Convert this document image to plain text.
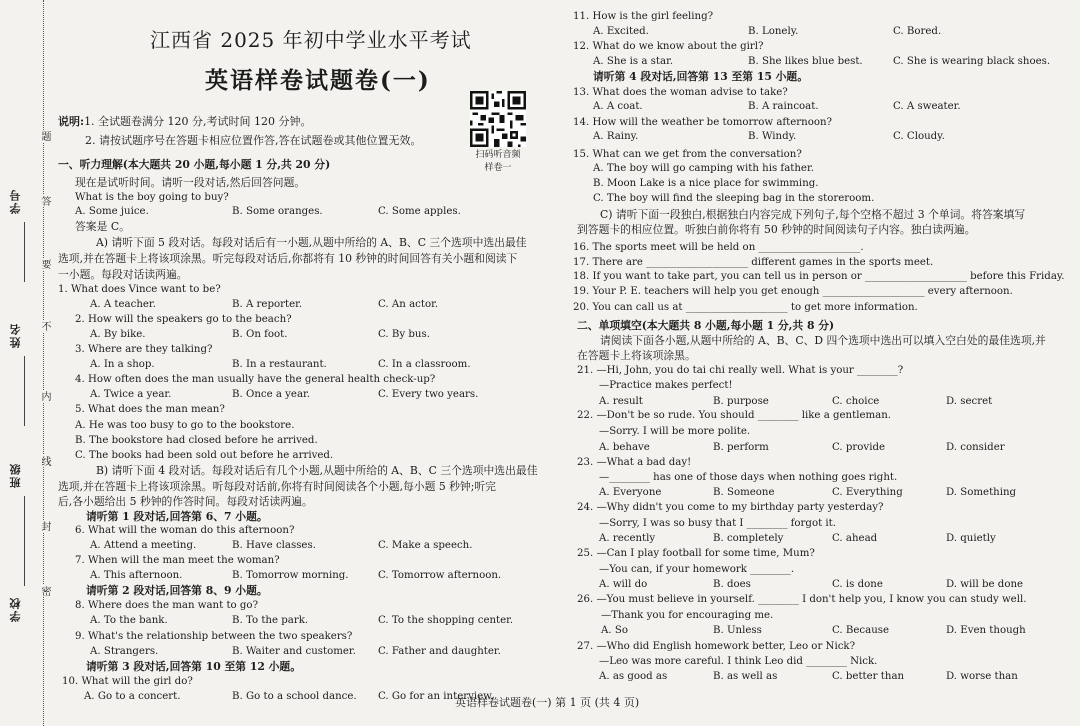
学号
姓名
班级
学校
题
答
要
不
内
线
封
密
江西省 2025 年初中学业水平考试
英语样卷试题卷(一)
说明:1. 全试题卷满分 120 分,考试时间 120 分钟。
2. 请按试题序号在答题卡相应位置作答,答在试题卷或其他位置无效。
扫码听音频
样卷一
一、听力理解(本大题共 20 小题,每小题 1 分,共 20 分)
现在是试听时间。请听一段对话,然后回答问题。
What is the boy going to buy?
A. Some juice.	B. Some oranges.	C. Some apples.
答案是 C。
A) 请听下面 5 段对话。每段对话后有一小题,从题中所给的 A、B、C 三个选项中选出最佳
选项,并在答题卡上将该项涂黑。听完每段对话后,你都将有 10 秒钟的时间回答有关小题和阅读下
一小题。每段对话读两遍。
1. What does Vince want to be?
A. A teacher.	B. A reporter.	C. An actor.
2. How will the speakers go to the beach?
A. By bike.	B. On foot.	C. By bus.
3. Where are they talking?
A. In a shop.	B. In a restaurant.	C. In a classroom.
4. How often does the man usually have the general health check-up?
A. Twice a year.	B. Once a year.	C. Every two years.
5. What does the man mean?
A. He was too busy to go to the bookstore.
B. The bookstore had closed before he arrived.
C. The books had been sold out before he arrived.
B) 请听下面 4 段对话。每段对话后有几个小题,从题中所给的 A、B、C 三个选项中选出最佳
选项,并在答题卡上将该项涂黑。听每段对话前,你将有时间阅读各个小题,每小题 5 秒钟;听完
后,各小题给出 5 秒钟的作答时间。每段对话读两遍。
请听第 1 段对话,回答第 6、7 小题。
6. What will the woman do this afternoon?
A. Attend a meeting.	B. Have classes.	C. Make a speech.
7. When will the man meet the woman?
A. This afternoon.	B. Tomorrow morning.	C. Tomorrow afternoon.
请听第 2 段对话,回答第 8、9 小题。
8. Where does the man want to go?
A. To the bank.	B. To the park.	C. To the shopping center.
9. What's the relationship between the two speakers?
A. Strangers.	B. Waiter and customer. C. Father and daughter.
请听第 3 段对话,回答第 10 至第 12 小题。
10. What will the girl do?
A. Go to a concert.	B. Go to a school dance. C. Go for an interview.
11. How is the girl feeling?
A. Excited.	B. Lonely.	C. Bored.
12. What do we know about the girl?
A. She is a star.	B. She likes blue best.	C. She is wearing black shoes.
请听第 4 段对话,回答第 13 至第 15 小题。
13. What does the woman advise to take?
A. A coat.	B. A raincoat.	C. A sweater.
14. How will the weather be tomorrow afternoon?
A. Rainy.	B. Windy.	C. Cloudy.
15. What can we get from the conversation?
A. The boy will go camping with his father.
B. Moon Lake is a nice place for swimming.
C. The boy will find the sleeping bag in the storeroom.
C) 请听下面一段独白,根据独白内容完成下列句子,每个空格不超过 3 个单词。将答案填写
到答题卡的相应位置。听独白前你将有 50 秒钟的时间阅读句子内容。独白读两遍。
16. The sports meet will be held on ____________________.
17. There are ____________________ different games in the sports meet.
18. If you want to take part, you can tell us in person or ____________________ before this Friday.
19. Your P. E. teachers will help you get enough ____________________ every afternoon.
20. You can call us at ____________________ to get more information.
二、单项填空(本大题共 8 小题,每小题 1 分,共 8 分)
请阅读下面各小题,从题中所给的 A、B、C、D 四个选项中选出可以填入空白处的最佳选项,并
在答题卡上将该项涂黑。
21. —Hi, John, you do tai chi really well. What is your ________?
—Practice makes perfect!
A. result	B. purpose	C. choice	D. secret
22. —Don't be so rude. You should ________ like a gentleman.
—Sorry. I will be more polite.
A. behave	B. perform	C. provide	D. consider
23. —What a bad day!
—________ has one of those days when nothing goes right.
A. Everyone	B. Someone	C. Everything	D. Something
24. —Why didn't you come to my birthday party yesterday?
—Sorry, I was so busy that I ________ forgot it.
A. recently	B. completely	C. ahead	D. quietly
25. —Can I play football for some time, Mum?
—You can, if your homework ________.
A. will do	B. does	C. is done	D. will be done
26. —You must believe in yourself. ________ I don't help you, I know you can study well.
—Thank you for encouraging me.
A. So	B. Unless	C. Because	D. Even though
27. —Who did English homework better, Leo or Nick?
—Leo was more careful. I think Leo did ________ Nick.
A. as good as	B. as well as	C. better than	D. worse than
英语样卷试题卷(一) 第 1 页 (共 4 页)
